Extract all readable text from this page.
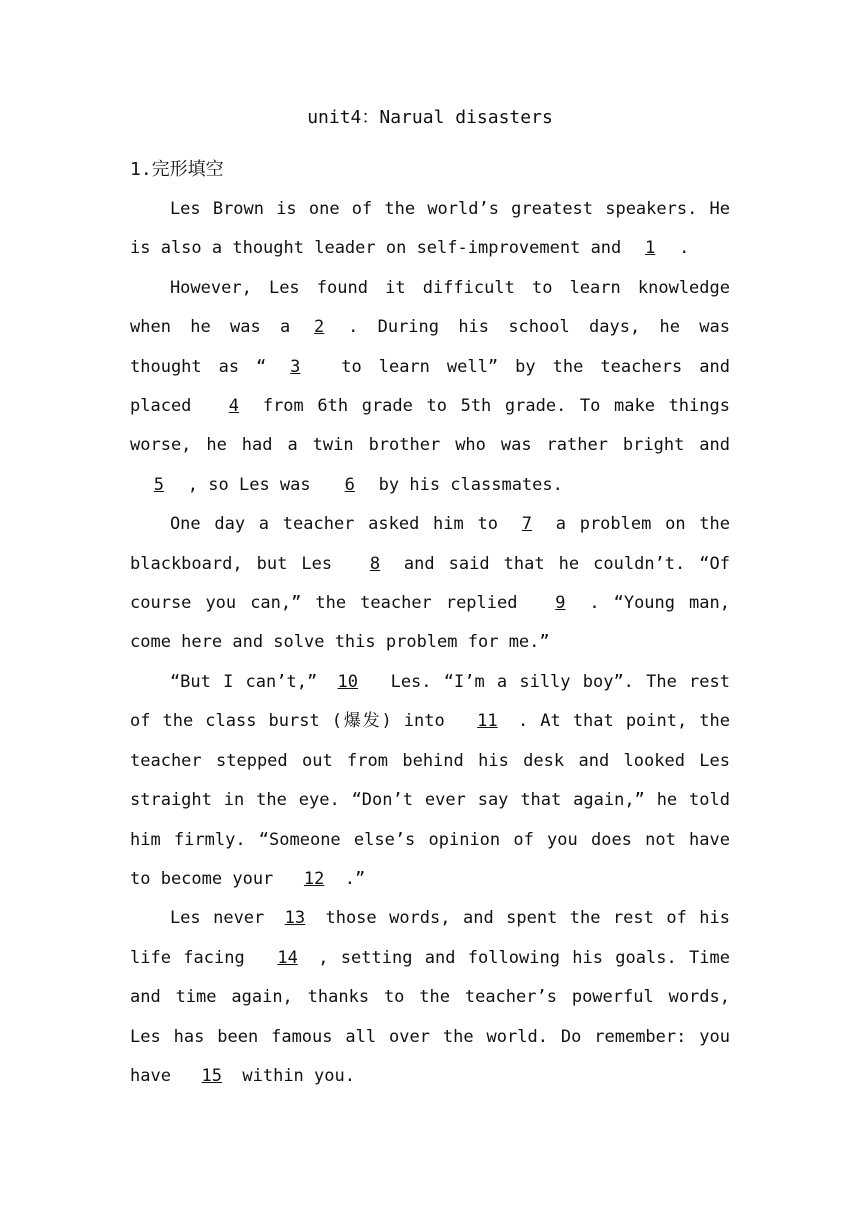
unit4：Narual disasters
1.完形填空

Les Brown is one of the world’s greatest speakers. He is also a thought leader on self-improvement and 1 .

However, Les found it difficult to learn knowledge when he was a 2 . During his school days, he was thought as “ 3 to learn well” by the teachers and placed 4 from 6th grade to 5th grade. To make things worse, he had a twin brother who was rather bright and 5 , so Les was 6 by his classmates.

One day a teacher asked him to 7 a problem on the blackboard, but Les 8 and said that he couldn’t. “Of course you can,” the teacher replied 9 . “Young man, come here and solve this problem for me.”

“But I can’t,” 10 Les. “I’m a silly boy”. The rest of the class burst (爆发) into 11 . At that point, the teacher stepped out from behind his desk and looked Les straight in the eye. “Don’t ever say that again,” he told him firmly. “Someone else’s opinion of you does not have to become your 12 .”

Les never 13 those words, and spent the rest of his life facing 14 , setting and following his goals. Time and time again, thanks to the teacher’s powerful words, Les has been famous all over the world. Do remember: you have 15 within you.
